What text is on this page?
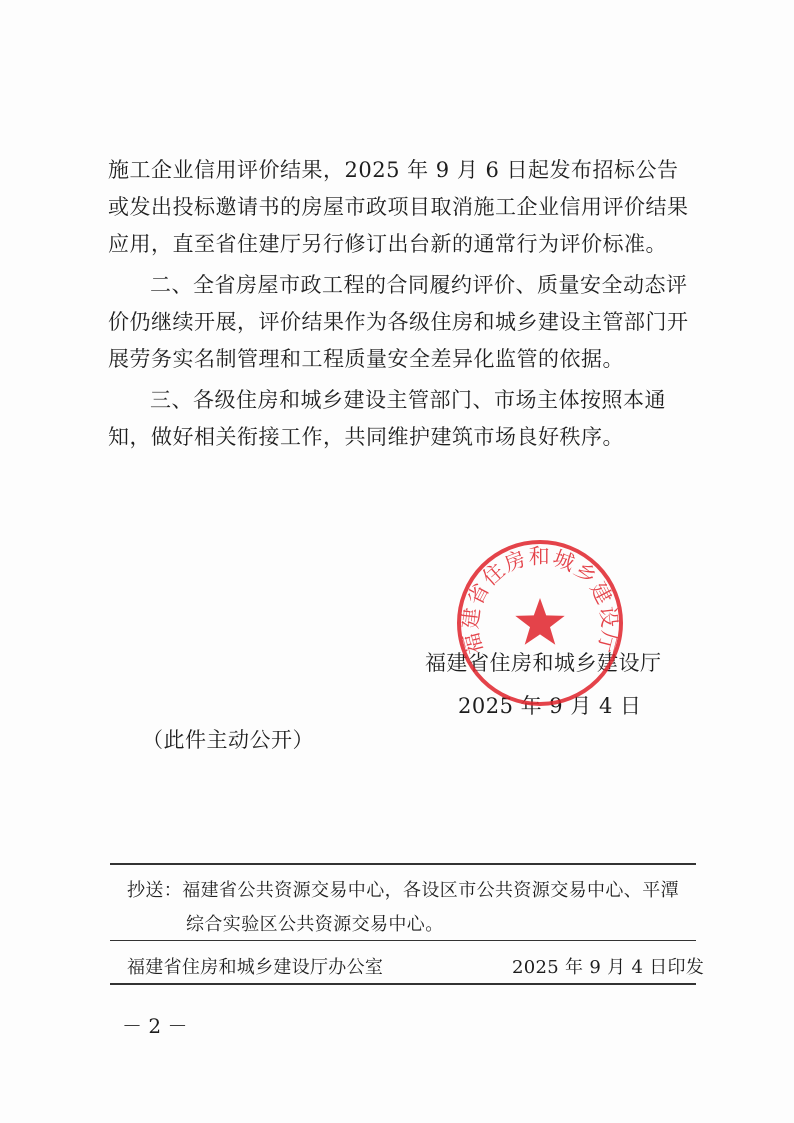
施工企业信用评价结果，2025 年 9 月 6 日起发布招标公告或发出投标邀请书的房屋市政项目取消施工企业信用评价结果应用，直至省住建厅另行修订出台新的通常行为评价标准。

二、全省房屋市政工程的合同履约评价、质量安全动态评价仍继续开展，评价结果作为各级住房和城乡建设主管部门开展劳务实名制管理和工程质量安全差异化监管的依据。

三、各级住房和城乡建设主管部门、市场主体按照本通知，做好相关衔接工作，共同维护建筑市场良好秩序。

福建省住房和城乡建设厅
2025 年 9 月 4 日
福建省住房和城乡建设厅
（此件主动公开）
抄送：福建省公共资源交易中心，各设区市公共资源交易中心、平潭
综合实验区公共资源交易中心。
福建省住房和城乡建设厅办公室	2025 年 9 月 4 日印发
－ 2 －
